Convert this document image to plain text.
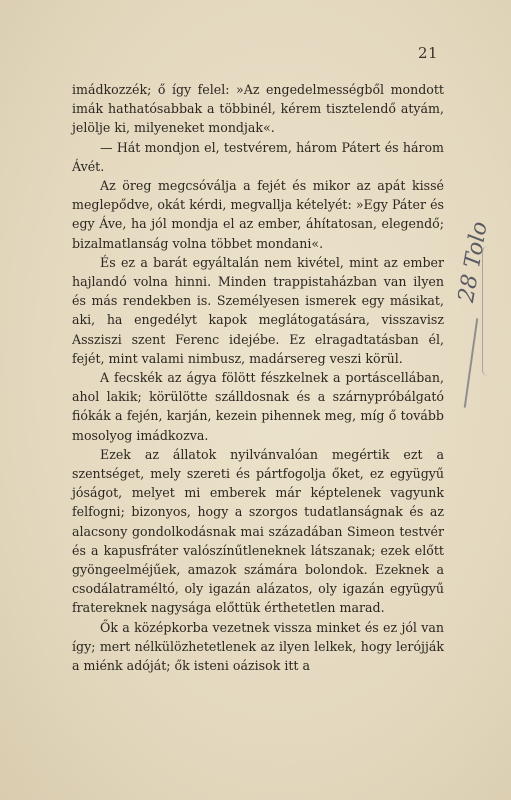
21

imádkozzék; ő így felel: »Az engedelmességből mondott imák hathatósabbak a többinél, kérem tisztelendő atyám, jelölje ki, milyeneket mondjak«.

— Hát mondjon el, testvérem, három Pátert és három Ávét.

Az öreg megcsóválja a fejét és mikor az apát kissé meglepődve, okát kérdi, megvallja kételyét: »Egy Páter és egy Áve, ha jól mondja el az ember, áhítatosan, elegendő; bizalmatlanság volna többet mondani«.

És ez a barát egyáltalán nem kivétel, mint az ember hajlandó volna hinni. Minden trappistaházban van ilyen és más rendekben is. Személyesen ismerek egy másikat, aki, ha engedélyt kapok meglátogatására, visszavisz Assziszi szent Ferenc idejébe. Ez elragadtatásban él, fejét, mint valami nimbusz, madársereg veszi körül.

A fecskék az ágya fölött fészkelnek a portáscellában, ahol lakik; körülötte szálldosnak és a szárnypróbálgató fiókák a fején, karján, kezein pihennek meg, míg ő tovább mosolyog imádkozva.

Ezek az állatok nyilvánvalóan megértik ezt a szentséget, mely szereti és pártfogolja őket, ez együgyű jóságot, melyet mi emberek már képtelenek vagyunk felfogni; bizonyos, hogy a szorgos tudatlanságnak és az alacsony gondolkodásnak mai századában Simeon testvér és a kapusfráter valószínűtleneknek látszanak; ezek előtt gyöngeelméjűek, amazok számára bolondok. Ezeknek a csodálatraméltó, oly igazán alázatos, oly igazán együgyű fratereknek nagysága előttük érthetetlen marad.

Ők a középkorba vezetnek vissza minket és ez jól van így; mert nélkülözhetetlenek az ilyen lelkek, hogy lerójják a miénk adóját; ők isteni oázisok itt a

28 Tolo
